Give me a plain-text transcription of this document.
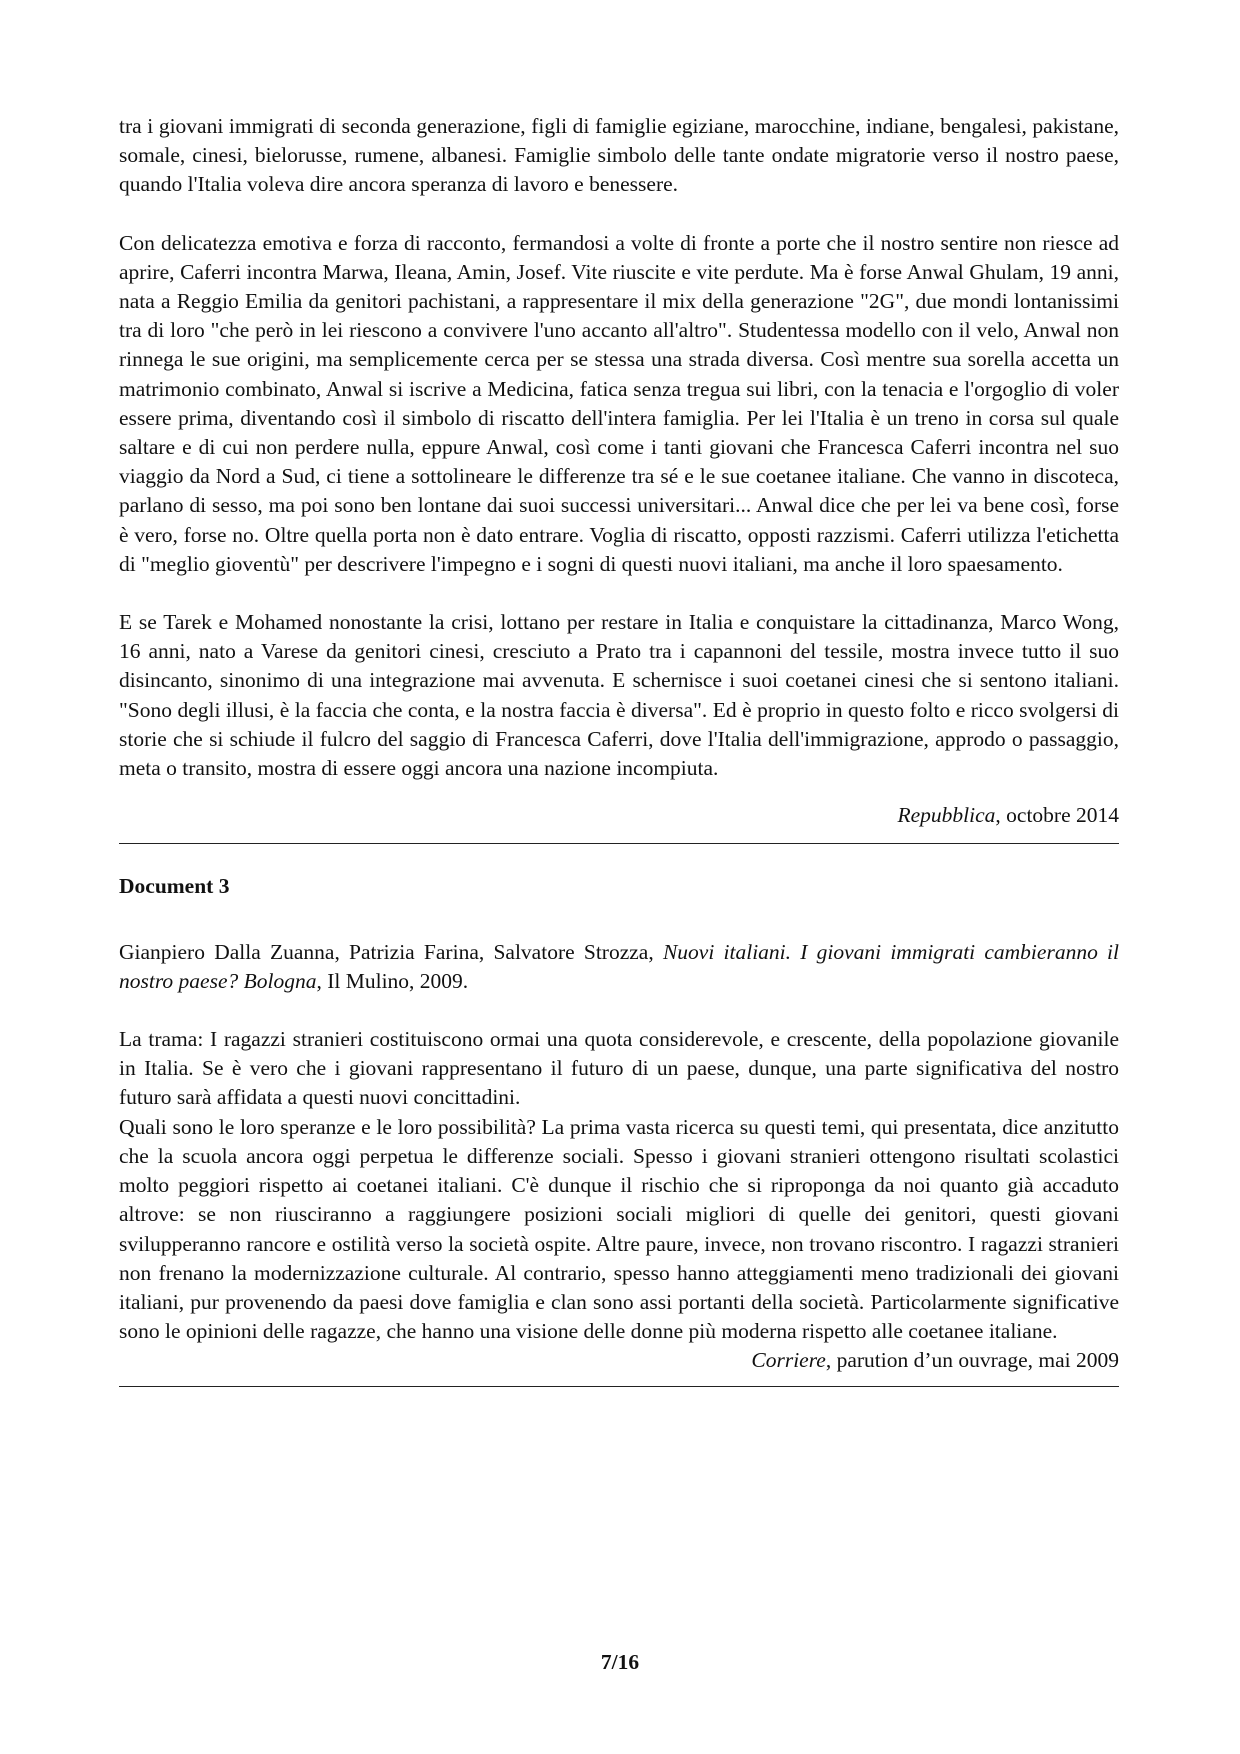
tra i giovani immigrati di seconda generazione, figli di famiglie egiziane, marocchine, indiane, bengalesi, pakistane, somale, cinesi, bielorusse, rumene, albanesi. Famiglie simbolo delle tante ondate migratorie verso il nostro paese, quando l'Italia voleva dire ancora speranza di lavoro e benessere.

Con delicatezza emotiva e forza di racconto, fermandosi a volte di fronte a porte che il nostro sentire non riesce ad aprire, Caferri incontra Marwa, Ileana, Amin, Josef. Vite riuscite e vite perdute. Ma è forse Anwal Ghulam, 19 anni, nata a Reggio Emilia da genitori pachistani, a rappresentare il mix della generazione "2G", due mondi lontanissimi tra di loro "che però in lei riescono a convivere l'uno accanto all'altro". Studentessa modello con il velo, Anwal non rinnega le sue origini, ma semplicemente cerca per se stessa una strada diversa. Così mentre sua sorella accetta un matrimonio combinato, Anwal si iscrive a Medicina, fatica senza tregua sui libri, con la tenacia e l'orgoglio di voler essere prima, diventando così il simbolo di riscatto dell'intera famiglia. Per lei l'Italia è un treno in corsa sul quale saltare e di cui non perdere nulla, eppure Anwal, così come i tanti giovani che Francesca Caferri incontra nel suo viaggio da Nord a Sud, ci tiene a sottolineare le differenze tra sé e le sue coetanee italiane. Che vanno in discoteca, parlano di sesso, ma poi sono ben lontane dai suoi successi universitari... Anwal dice che per lei va bene così, forse è vero, forse no. Oltre quella porta non è dato entrare. Voglia di riscatto, opposti razzismi. Caferri utilizza l'etichetta di "meglio gioventù" per descrivere l'impegno e i sogni di questi nuovi italiani, ma anche il loro spaesamento.

E se Tarek e Mohamed nonostante la crisi, lottano per restare in Italia e conquistare la cittadinanza, Marco Wong, 16 anni, nato a Varese da genitori cinesi, cresciuto a Prato tra i capannoni del tessile, mostra invece tutto il suo disincanto, sinonimo di una integrazione mai avvenuta. E schernisce i suoi coetanei cinesi che si sentono italiani. "Sono degli illusi, è la faccia che conta, e la nostra faccia è diversa". Ed è proprio in questo folto e ricco svolgersi di storie che si schiude il fulcro del saggio di Francesca Caferri, dove l'Italia dell'immigrazione, approdo o passaggio, meta o transito, mostra di essere oggi ancora una nazione incompiuta.

Repubblica, octobre 2014

Document 3

Gianpiero Dalla Zuanna, Patrizia Farina, Salvatore Strozza, Nuovi italiani. I giovani immigrati cambieranno il nostro paese? Bologna, Il Mulino, 2009.

La trama: I ragazzi stranieri costituiscono ormai una quota considerevole, e crescente, della popolazione giovanile in Italia. Se è vero che i giovani rappresentano il futuro di un paese, dunque, una parte significativa del nostro futuro sarà affidata a questi nuovi concittadini.

Quali sono le loro speranze e le loro possibilità? La prima vasta ricerca su questi temi, qui presentata, dice anzitutto che la scuola ancora oggi perpetua le differenze sociali. Spesso i giovani stranieri ottengono risultati scolastici molto peggiori rispetto ai coetanei italiani. C'è dunque il rischio che si riproponga da noi quanto già accaduto altrove: se non riusciranno a raggiungere posizioni sociali migliori di quelle dei genitori, questi giovani svilupperanno rancore e ostilità verso la società ospite. Altre paure, invece, non trovano riscontro. I ragazzi stranieri non frenano la modernizzazione culturale. Al contrario, spesso hanno atteggiamenti meno tradizionali dei giovani italiani, pur provenendo da paesi dove famiglia e clan sono assi portanti della società. Particolarmente significative sono le opinioni delle ragazze, che hanno una visione delle donne più moderna rispetto alle coetanee italiane.

Corriere, parution d’un ouvrage, mai 2009

7/16
